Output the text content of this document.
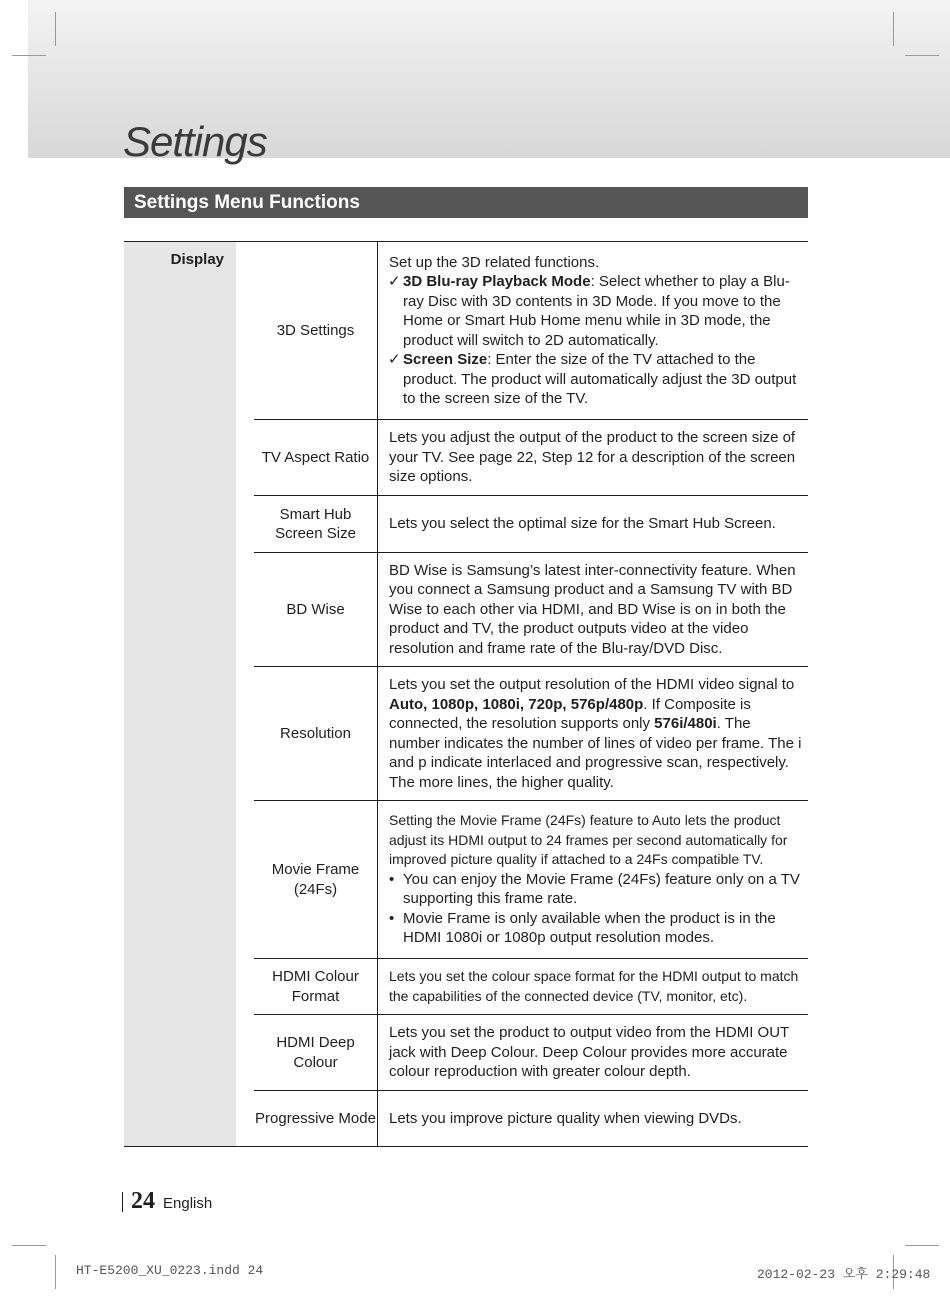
Settings
Settings Menu Functions
Display
3D Settings
Set up the 3D related functions.
✓ 3D Blu-ray Playback Mode: Select whether to play a Blu-ray Disc with 3D contents in 3D Mode. If you move to the Home or Smart Hub Home menu while in 3D mode, the product will switch to 2D automatically.
✓ Screen Size: Enter the size of the TV attached to the product. The product will automatically adjust the 3D output to the screen size of the TV.
TV Aspect Ratio
Lets you adjust the output of the product to the screen size of your TV. See page 22, Step 12 for a description of the screen size options.
Smart Hub Screen Size
Lets you select the optimal size for the Smart Hub Screen.
BD Wise
BD Wise is Samsung’s latest inter-connectivity feature. When you connect a Samsung product and a Samsung TV with BD Wise to each other via HDMI, and BD Wise is on in both the product and TV, the product outputs video at the video resolution and frame rate of the Blu-ray/DVD Disc.
Resolution
Lets you set the output resolution of the HDMI video signal to Auto, 1080p, 1080i, 720p, 576p/480p. If Composite is connected, the resolution supports only 576i/480i. The number indicates the number of lines of video per frame. The i and p indicate interlaced and progressive scan, respectively. The more lines, the higher quality.
Movie Frame (24Fs)
Setting the Movie Frame (24Fs) feature to Auto lets the product adjust its HDMI output to 24 frames per second automatically for improved picture quality if attached to a 24Fs compatible TV.
• You can enjoy the Movie Frame (24Fs) feature only on a TV supporting this frame rate.
• Movie Frame is only available when the product is in the HDMI 1080i or 1080p output resolution modes.
HDMI Colour Format
Lets you set the colour space format for the HDMI output to match the capabilities of the connected device (TV, monitor, etc).
HDMI Deep Colour
Lets you set the product to output video from the HDMI OUT jack with Deep Colour. Deep Colour provides more accurate colour reproduction with greater colour depth.
Progressive Mode Lets you improve picture quality when viewing DVDs.
24 English
HT-E5200_XU_0223.indd 24	2012-02-23 오후 2:29:48
